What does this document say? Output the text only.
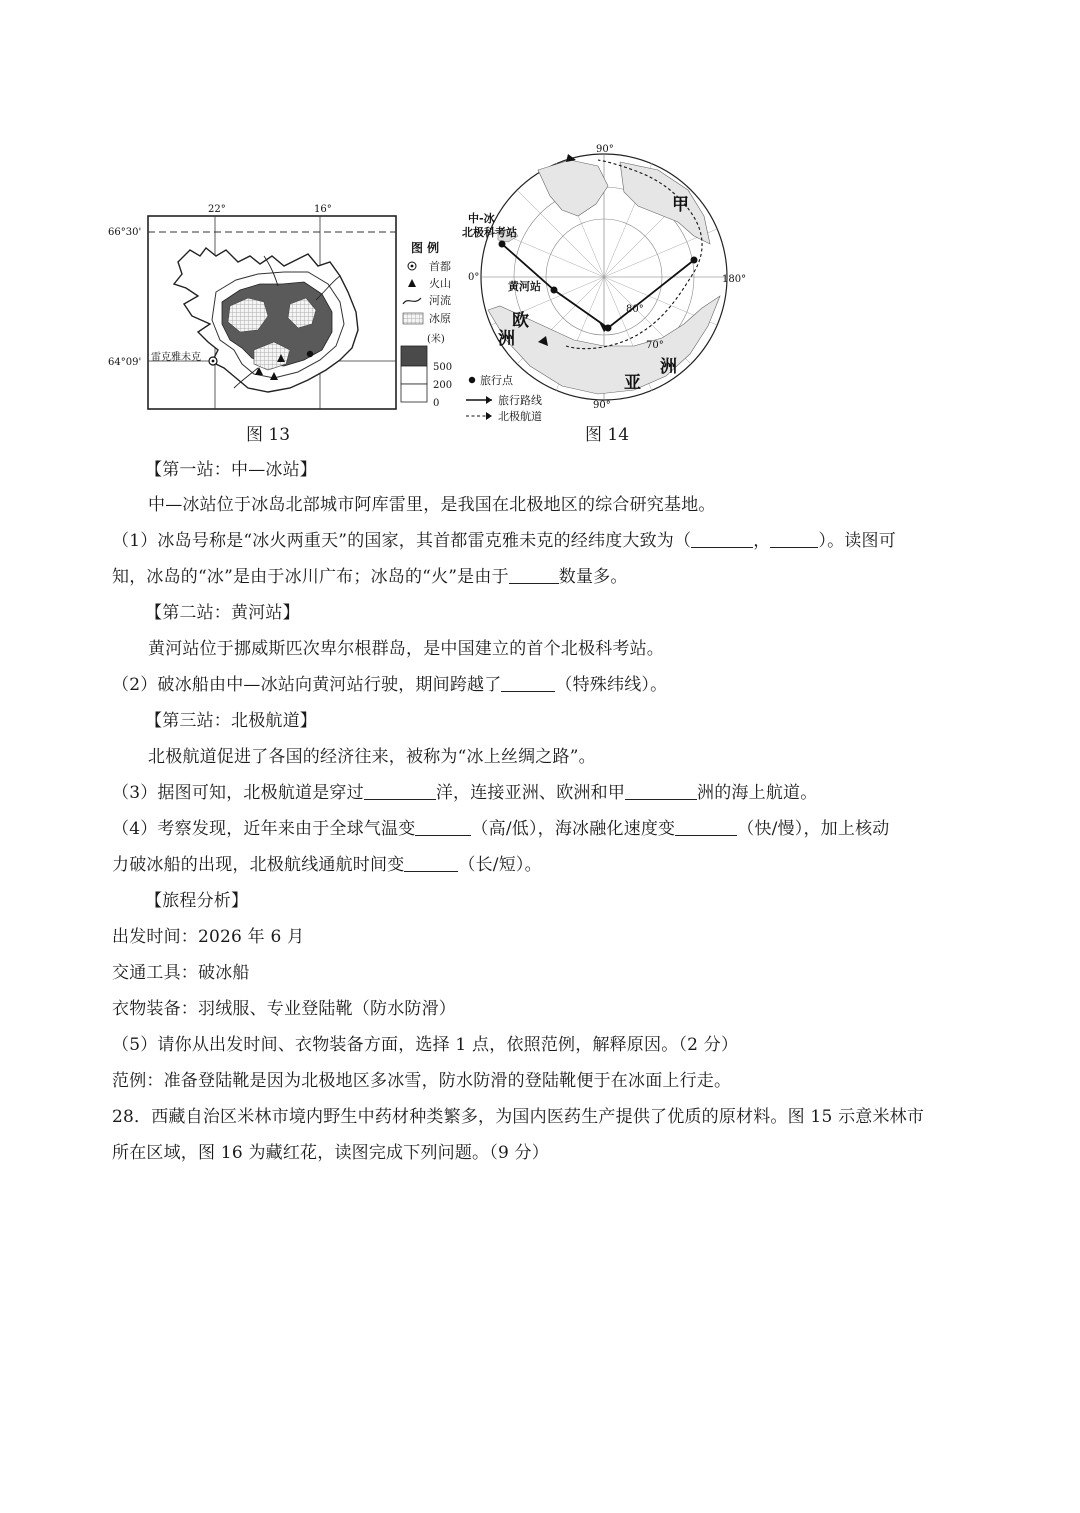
雷克雅未克
22°	16°
66°30'
64°09'
图 例
首都
火山
河流
冰原
(米)
500
200
0
图 13
90°
0°	180°
80°
70°
90°
中-冰
北极科考站
黄河站
甲
欧
洲
亚
洲
旅行点
旅行路线
北极航道
图 14
【第一站：中—冰站】
中—冰站位于冰岛北部城市阿库雷里，是我国在北极地区的综合研究基地。
（1）冰岛号称是“冰火两重天”的国家，其首都雷克雅未克的经纬度大致为（	，	）。读图可
知，冰岛的“冰”是由于冰川广布；冰岛的“火”是由于	数量多。
【第二站：黄河站】
黄河站位于挪威斯匹次卑尔根群岛，是中国建立的首个北极科考站。
（2）破冰船由中—冰站向黄河站行驶，期间跨越了	（特殊纬线）。
【第三站：北极航道】
北极航道促进了各国的经济往来，被称为“冰上丝绸之路”。
（3）据图可知，北极航道是穿过	洋，连接亚洲、欧洲和甲	洲的海上航道。
（4）考察发现，近年来由于全球气温变	（高/低），海冰融化速度变	（快/慢），加上核动
力破冰船的出现，北极航线通航时间变	（长/短）。
【旅程分析】
出发时间：2026 年 6 月
交通工具：破冰船
衣物装备：羽绒服、专业登陆靴（防水防滑）
（5）请你从出发时间、衣物装备方面，选择 1 点，依照范例，解释原因。（2 分）
范例：准备登陆靴是因为北极地区多冰雪，防水防滑的登陆靴便于在冰面上行走。
28．西藏自治区米林市境内野生中药材种类繁多，为国内医药生产提供了优质的原材料。图 15 示意米林市
所在区域，图 16 为藏红花，读图完成下列问题。（9 分）
